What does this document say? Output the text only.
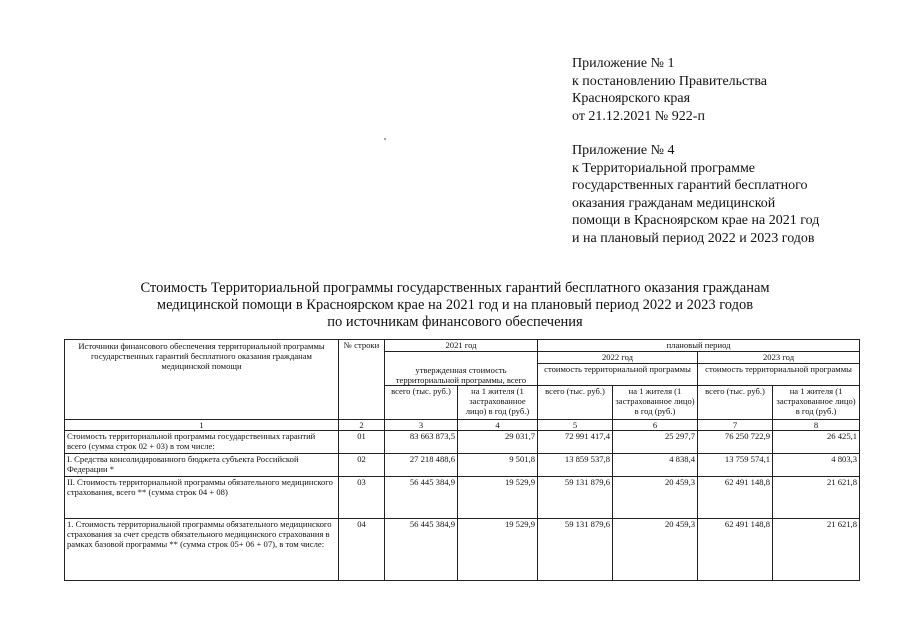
Приложение № 1
к постановлению Правительства
Красноярского края
от 21.12.2021 № 922-п
Приложение № 4
к Территориальной программе
государственных гарантий бесплатного
оказания гражданам медицинской
помощи в Красноярском крае на 2021 год
и на плановый период 2022 и 2023 годов
Стоимость Территориальной программы государственных гарантий бесплатного оказания гражданам
медицинской помощи в Красноярском крае на 2021 год и на плановый период 2022 и 2023 годов
по источникам финансового обеспечения
Источники финансового обеспечения территориальной программы государственных гарантий бесплатного оказания гражданам медицинской помощи	№ строки	2021 год		плановый период			
		утвержденная стоимость территориальной программы, всего		2022 год		2023 год	
				стоимость территориальной программы		стоимость территориальной программы	
		всего (тыс. руб.)	на 1 жителя (1 застрахованное лицо) в год (руб.)	всего (тыс. руб.)	на 1 жителя (1 застрахованное лицо) в год (руб.)	всего (тыс. руб.)	на 1 жителя (1 застрахованное лицо) в год (руб.)
1	2	3	4	5	6	7	8
Стоимость территориальной программы государственных гарантий всего (сумма строк 02 + 03) в том числе:	01	83 663 873,5	29 031,7	72 991 417,4	25 297,7	76 250 722,9	26 425,1
I. Средства консолидированного бюджета субъекта Российской Федерации *	02	27 218 488,6	9 501,8	13 859 537,8	4 838,4	13 759 574,1	4 803,3
II. Стоимость территориальной программы обязательного медицинского страхования, всего ** (сумма строк 04 + 08)	03	56 445 384,9	19 529,9	59 131 879,6	20 459,3	62 491 148,8	21 621,8
1. Стоимость территориальной программы обязательного медицинского страхования за счет средств обязательного медицинского страхования в рамках базовой программы ** (сумма строк 05+ 06 + 07), в том числе:	04	56 445 384,9	19 529,9	59 131 879,6	20 459,3	62 491 148,8	21 621,8
